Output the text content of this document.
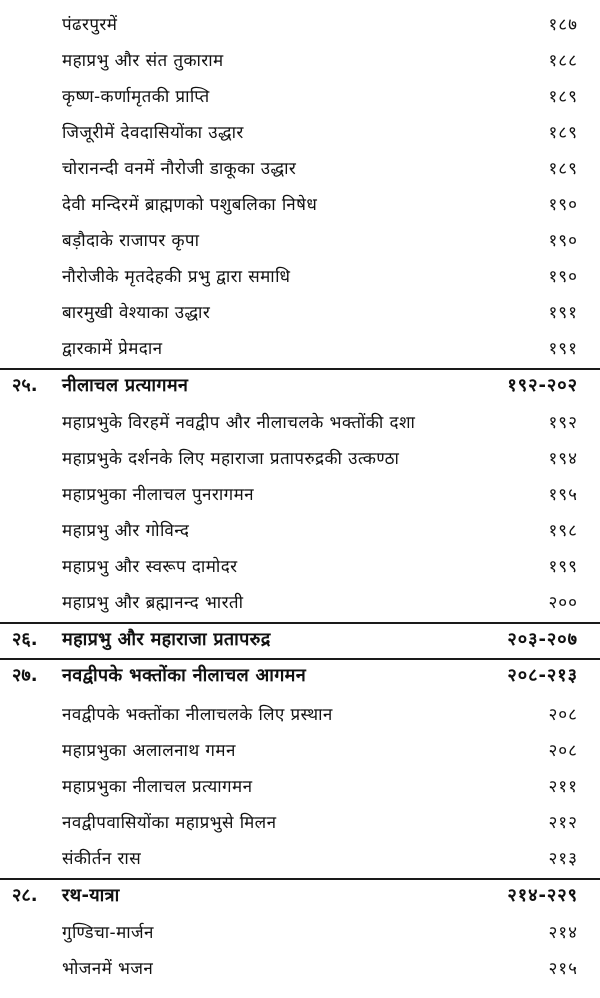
पंढरपुरमें	१८७
महाप्रभु और संत तुकाराम	१८८
कृष्ण-कर्णामृतकी प्राप्ति	१८९
जिजूरीमें देवदासियोंका उद्धार	१८९
चोरानन्दी वनमें नौरोजी डाकूका उद्धार	१८९
देवी मन्दिरमें ब्राह्मणको पशुबलिका निषेध	१९०
बड़ौदाके राजापर कृपा	१९०
नौरोजीके मृतदेहकी प्रभु द्वारा समाधि	१९०
बारमुखी वेश्याका उद्धार	१९१
द्वारकामें प्रेमदान	१९१
२५. नीलाचल प्रत्यागमन	१९२-२०२
महाप्रभुके विरहमें नवद्वीप और नीलाचलके भक्तोंकी दशा	१९२
महाप्रभुके दर्शनके लिए महाराजा प्रतापरुद्रकी उत्कण्ठा	१९४
महाप्रभुका नीलाचल पुनरागमन	१९५
महाप्रभु और गोविन्द	१९८
महाप्रभु और स्वरूप दामोदर	१९९
महाप्रभु और ब्रह्मानन्द भारती	२००
२६. महाप्रभु और महाराजा प्रतापरुद्र	२०३-२०७
२७. नवद्वीपके भक्तोंका नीलाचल आगमन	२०८-२१३
नवद्वीपके भक्तोंका नीलाचलके लिए प्रस्थान	२०८
महाप्रभुका अलालनाथ गमन	२०८
महाप्रभुका नीलाचल प्रत्यागमन	२११
नवद्वीपवासियोंका महाप्रभुसे मिलन	२१२
संकीर्तन रास	२१३
२८. रथ-यात्रा	२१४-२२९
गुण्डिचा-मार्जन	२१४
भोजनमें भजन	२१५
